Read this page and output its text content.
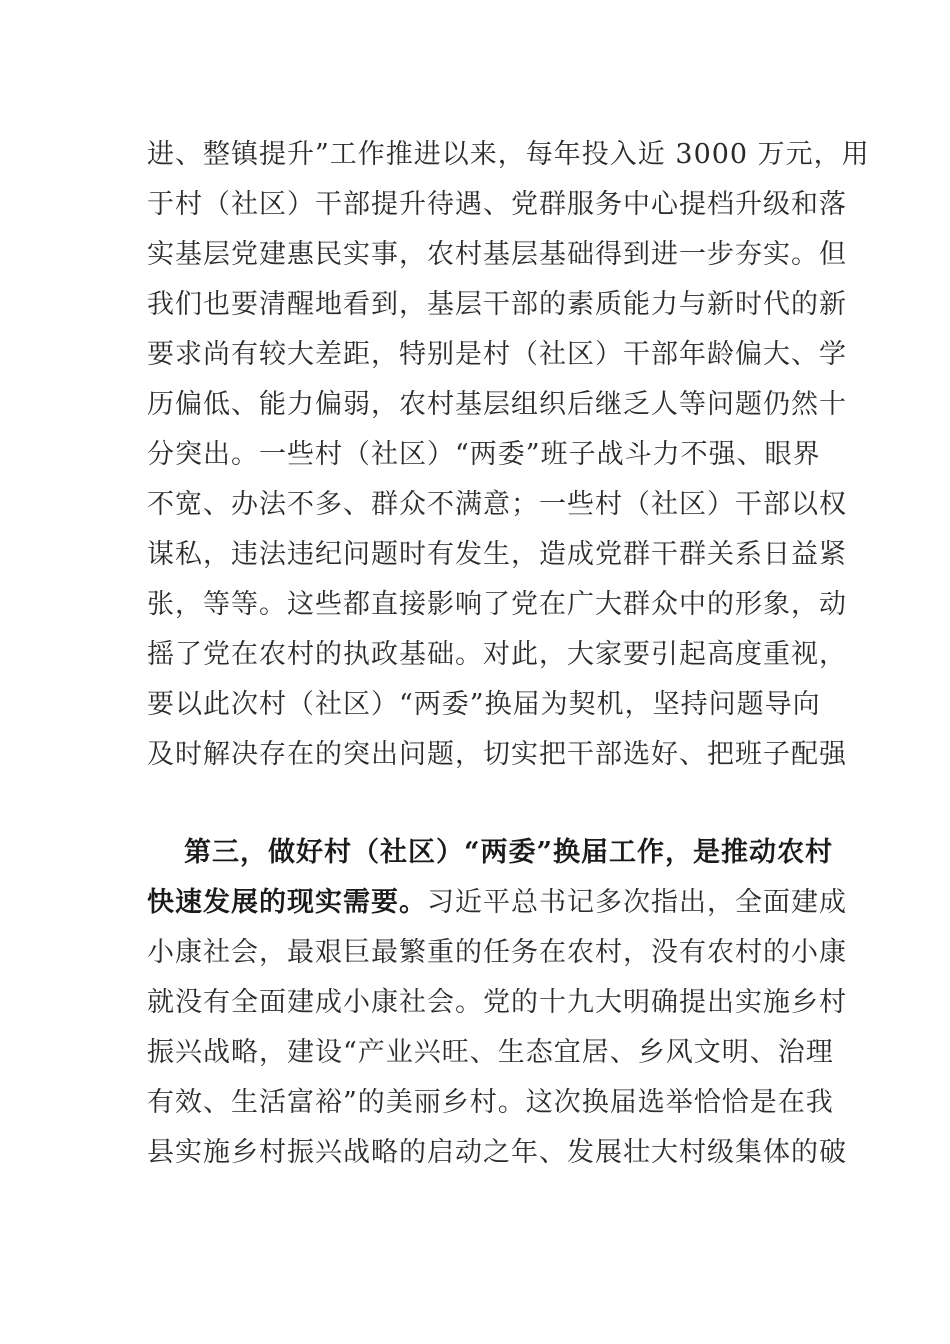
进、整镇提升”工作推进以来，每年投入近 3000 万元，用
于村（社区）干部提升待遇、党群服务中心提档升级和落
实基层党建惠民实事，农村基层基础得到进一步夯实。但
我们也要清醒地看到，基层干部的素质能力与新时代的新
要求尚有较大差距，特别是村（社区）干部年龄偏大、学
历偏低、能力偏弱，农村基层组织后继乏人等问题仍然十
分突出。一些村（社区）“两委”班子战斗力不强、眼界
不宽、办法不多、群众不满意；一些村（社区）干部以权
谋私，违法违纪问题时有发生，造成党群干群关系日益紧
张，等等。这些都直接影响了党在广大群众中的形象，动
摇了党在农村的执政基础。对此，大家要引起高度重视，
要以此次村（社区）“两委”换届为契机，坚持问题导向
及时解决存在的突出问题，切实把干部选好、把班子配强
第三，做好村（社区）“两委”换届工作，是推动农村
快速发展的现实需要。习近平总书记多次指出，全面建成
小康社会，最艰巨最繁重的任务在农村，没有农村的小康
就没有全面建成小康社会。党的十九大明确提出实施乡村
振兴战略，建设“产业兴旺、生态宜居、乡风文明、治理
有效、生活富裕”的美丽乡村。这次换届选举恰恰是在我
县实施乡村振兴战略的启动之年、发展壮大村级集体的破
